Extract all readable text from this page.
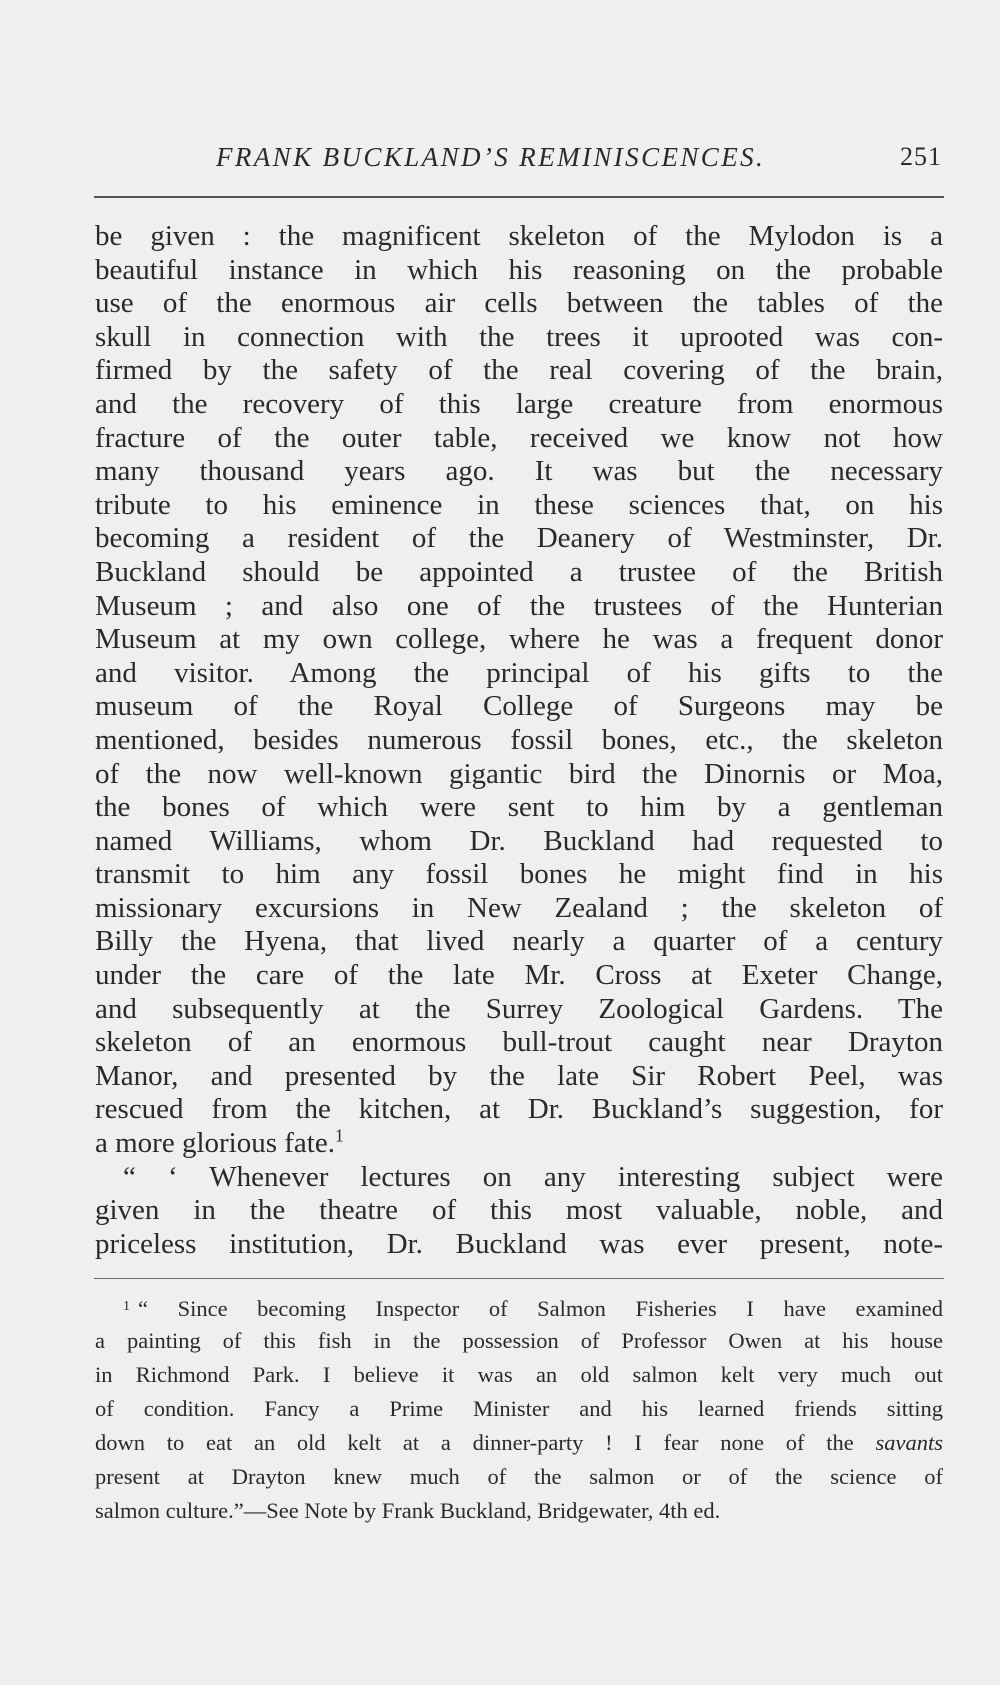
FRANK BUCKLAND’S REMINISCENCES.	251
be given : the magnificent skeleton of the Mylodon is a
beautiful instance in which his reasoning on the probable
use of the enormous air cells between the tables of the
skull in connection with the trees it uprooted was con-
firmed by the safety of the real covering of the brain,
and the recovery of this large creature from enormous
fracture of the outer table, received we know not how
many thousand years ago. It was but the necessary
tribute to his eminence in these sciences that, on his
becoming a resident of the Deanery of Westminster, Dr.
Buckland should be appointed a trustee of the British
Museum ; and also one of the trustees of the Hunterian
Museum at my own college, where he was a frequent donor
and visitor. Among the principal of his gifts to the
museum of the Royal College of Surgeons may be
mentioned, besides numerous fossil bones, etc., the skeleton
of the now well-known gigantic bird the Dinornis or Moa,
the bones of which were sent to him by a gentleman
named Williams, whom Dr. Buckland had requested to
transmit to him any fossil bones he might find in his
missionary excursions in New Zealand ; the skeleton of
Billy the Hyena, that lived nearly a quarter of a century
under the care of the late Mr. Cross at Exeter Change,
and subsequently at the Surrey Zoological Gardens. The
skeleton of an enormous bull-trout caught near Drayton
Manor, and presented by the late Sir Robert Peel, was
rescued from the kitchen, at Dr. Buckland’s suggestion, for
a more glorious fate.$^1$
“ ‘ Whenever lectures on any interesting subject were
given in the theatre of this most valuable, noble, and
priceless institution, Dr. Buckland was ever present, note-
$^1$ “ Since becoming Inspector of Salmon Fisheries I have examined
a painting of this fish in the possession of Professor Owen at his house
in Richmond Park. I believe it was an old salmon kelt very much out
of condition. Fancy a Prime Minister and his learned friends sitting
down to eat an old kelt at a dinner-party ! I fear none of the savants
present at Drayton knew much of the salmon or of the science of
salmon culture.”—See Note by Frank Buckland, Bridgewater, 4th ed.
